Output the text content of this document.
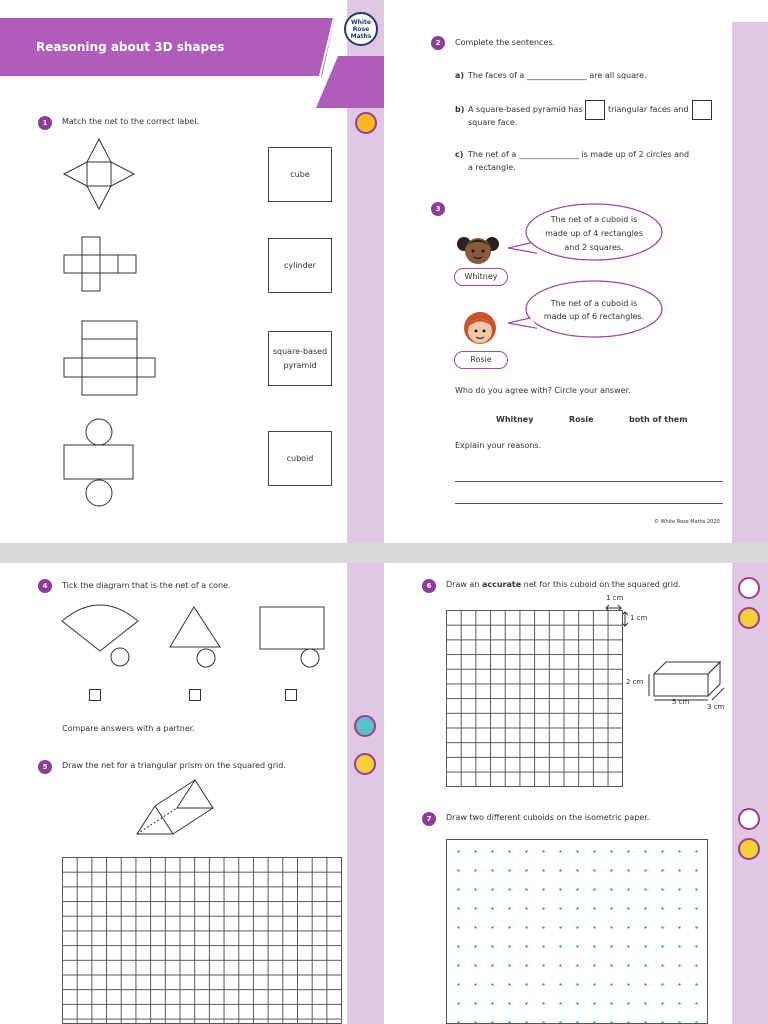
Reasoning about 3D shapes
White
Rose
Maths
1	Match the net to the correct label.
cube
cylinder
square-based pyramid
cuboid
2	Complete the sentences.
a) The faces of a _______________ are all square.
b) A square-based pyramid has	triangular faces and
square face.
c) The net of a _______________ is made up of 2 circles and
a rectangle.
3
The net of a cuboid is
made up of 4 rectangles
and 2 squares.
Whitney
The net of a cuboid is
made up of 6 rectangles.
Rosie
Who do you agree with? Circle your answer.
Whitney	Rosie	both of them
Explain your reasons.
© White Rose Maths 2020
4	Tick the diagram that is the net of a cone.
Compare answers with a partner.
5	Draw the net for a triangular prism on the squared grid.
6	Draw an accurate net for this cuboid on the squared grid.
1 cm
1 cm
2 cm
5 cm
3 cm
7	Draw two different cuboids on the isometric paper.
